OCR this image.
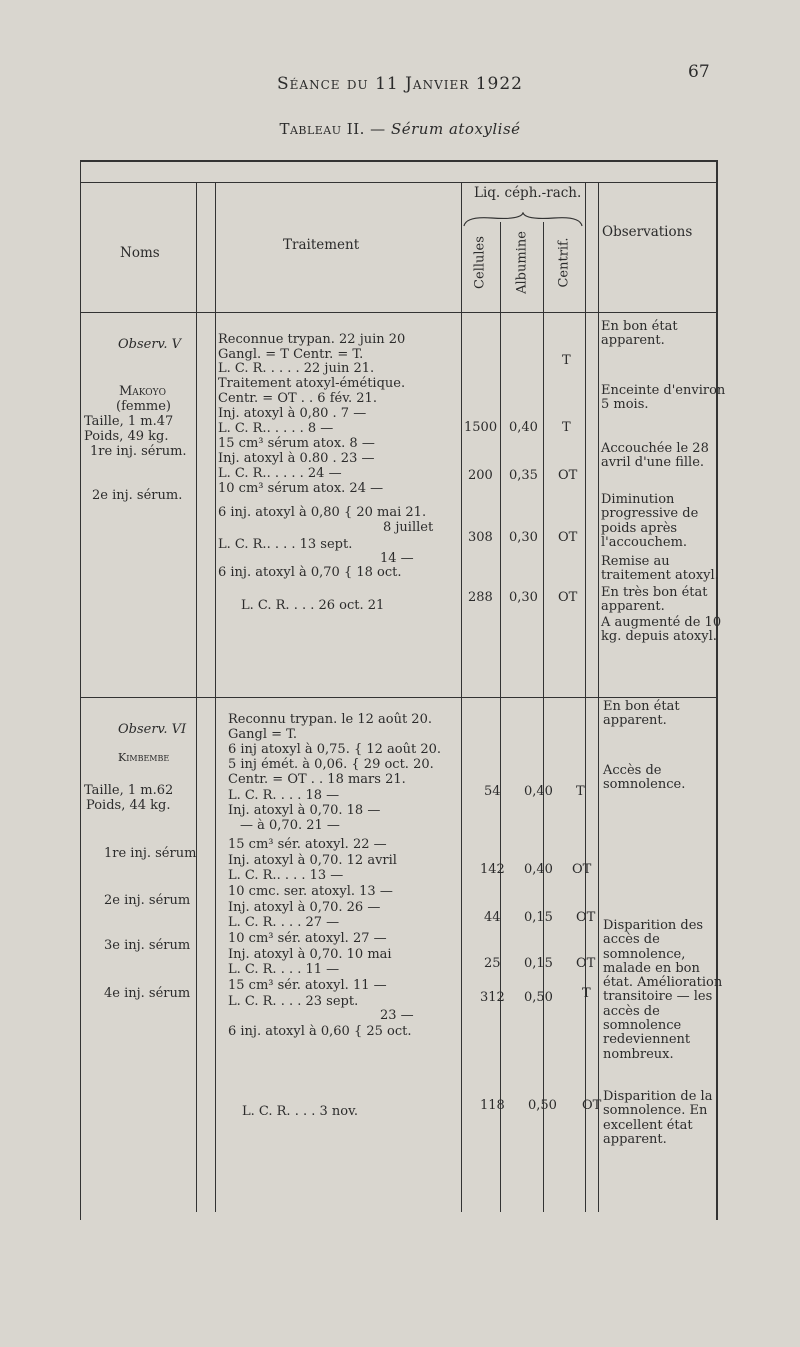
Séance du 11 Janvier 1922
67
Tableau II. — Sérum atoxylisé
Noms	Traitement
Liq. céph.-rach.
Cellules Albumine Centrif.
Observations
Observ. V
Makoyo
(femme)
Taille, 1 m.47
Poids, 49 kg.
1re inj. sérum.
2e inj. sérum.
Reconnue trypan. 22 juin 20
Gangl. = T Centr. = T.
L. C. R. . . . . 22 juin 21.
Traitement atoxyl-émétique.
Centr. = OT . . 6 fév. 21.
Inj. atoxyl à 0,80 . 7 —
L. C. R.. . . . . 8 —
15 cm³ sérum atox. 8 —
Inj. atoxyl à 0.80 . 23 —
L. C. R.. . . . . 24 —
10 cm³ sérum atox. 24 —
6 inj. atoxyl à 0,80 { 20 mai 21.
8 juillet
L. C. R.. . . . 13 sept.
14 —
6 inj. atoxyl à 0,70 { 18 oct.
L. C. R. . . . 26 oct. 21
1500
200
308
288
0,40
0,35
0,30
0,30
T
T
OT
OT
OT
En bon état apparent.
Enceinte d'environ 5 mois.
Accouchée le 28 avril d'une fille.
Diminution progressive de poids après l'accouchem.
Remise au traitement atoxyl.
En très bon état apparent.
A augmenté de 10 kg. depuis atoxyl.
Observ. VI
Kimbembe
Taille, 1 m.62
Poids, 44 kg.
1re inj. sérum
2e inj. sérum
3e inj. sérum
4e inj. sérum
Reconnu trypan. le 12 août 20.
Gangl = T.
6 inj atoxyl à 0,75. { 12 août 20.
5 inj émét. à 0,06. { 29 oct. 20.
Centr. = OT . . 18 mars 21.
L. C. R. . . . 18 —
Inj. atoxyl à 0,70. 18 —
— à 0,70. 21 —
15 cm³ sér. atoxyl. 22 —
Inj. atoxyl à 0,70. 12 avril
L. C. R.. . . . 13 —
10 cmc. ser. atoxyl. 13 —
Inj. atoxyl à 0,70. 26 —
L. C. R. . . . 27 —
10 cm³ sér. atoxyl. 27 —
Inj. atoxyl à 0,70. 10 mai
L. C. R. . . . 11 —
15 cm³ sér. atoxyl. 11 —
L. C. R. . . . 23 sept.
23 —
6 inj. atoxyl à 0,60 { 25 oct.
L. C. R. . . . 3 nov.
54
142
44
25
312
118
0,40
0,40
0,15
0,15
0,50
0,50
T
OT
OT
OT
T
OT
En bon état apparent.
Accès de somnolence.
Disparition des accès de somnolence, malade en bon état. Amélioration transitoire — les accès de somnolence redeviennent nombreux.
Disparition de la somnolence. En excellent état apparent.
